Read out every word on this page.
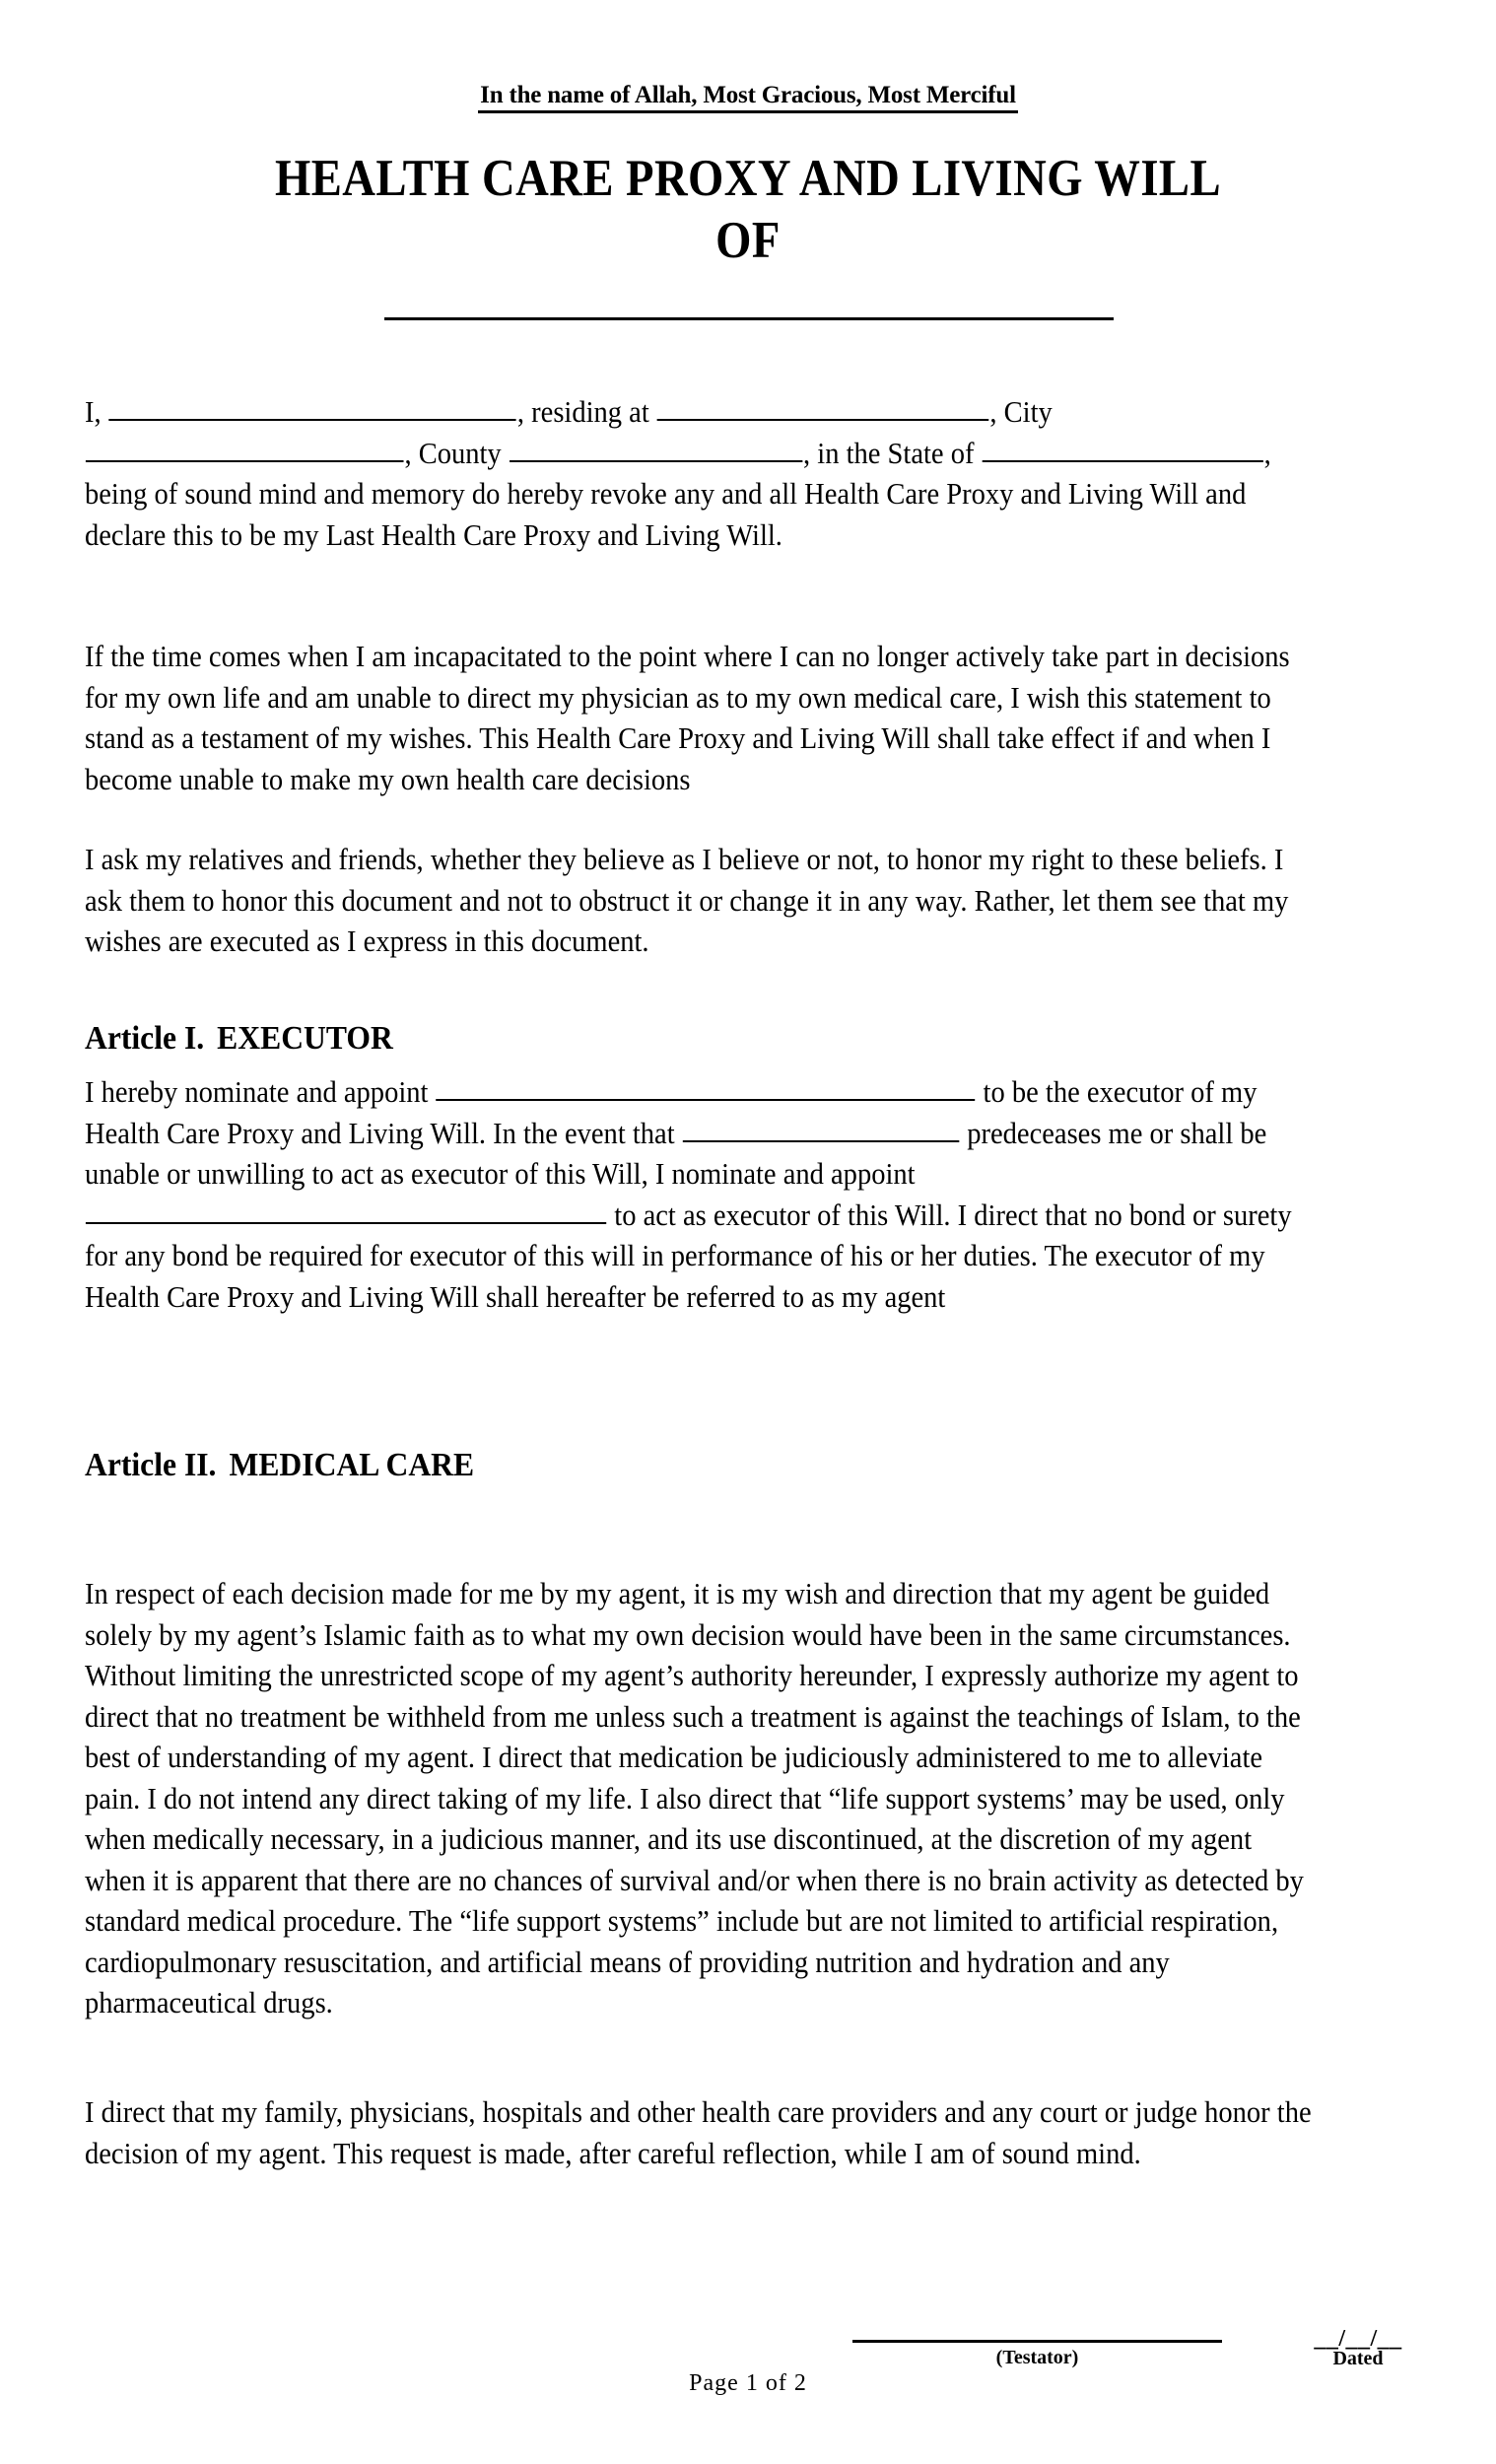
In the name of Allah, Most Gracious, Most Merciful
HEALTH CARE PROXY AND LIVING WILL
OF
I,	, residing at	, City , County	, in the State of	, being of sound mind and memory do hereby revoke any and all Health Care Proxy and Living Will and declare this to be my Last Health Care Proxy and Living Will.
If the time comes when I am incapacitated to the point where I can no longer actively take part in decisions for my own life and am unable to direct my physician as to my own medical care, I wish this statement to stand as a testament of my wishes. This Health Care Proxy and Living Will shall take effect if and when I become unable to make my own health care decisions
I ask my relatives and friends, whether they believe as I believe or not, to honor my right to these beliefs. I ask them to honor this document and not to obstruct it or change it in any way. Rather, let them see that my wishes are executed as I express in this document.
Article I. EXECUTOR
I hereby nominate and appoint	to be the executor of my Health Care Proxy and Living Will. In the event that	predeceases me or shall be unable or unwilling to act as executor of this Will, I nominate and appoint  to act as executor of this Will. I direct that no bond or surety for any bond be required for executor of this will in performance of his or her duties. The executor of my Health Care Proxy and Living Will shall hereafter be referred to as my agent
Article II. MEDICAL CARE
In respect of each decision made for me by my agent, it is my wish and direction that my agent be guided solely by my agent’s Islamic faith as to what my own decision would have been in the same circumstances. Without limiting the unrestricted scope of my agent’s authority hereunder, I expressly authorize my agent to direct that no treatment be withheld from me unless such a treatment is against the teachings of Islam, to the best of understanding of my agent. I direct that medication be judiciously administered to me to alleviate pain. I do not intend any direct taking of my life. I also direct that “life support systems’ may be used, only when medically necessary, in a judicious manner, and its use discontinued, at the discretion of my agent when it is apparent that there are no chances of survival and/or when there is no brain activity as detected by standard medical procedure. The “life support systems” include but are not limited to artificial respiration, cardiopulmonary resuscitation, and artificial means of providing nutrition and hydration and any pharmaceutical drugs.
I direct that my family, physicians, hospitals and other health care providers and any court or judge honor the decision of my agent. This request is made, after careful reflection, while I am of sound mind.
(Testator)
__/__/__
Dated
Page 1 of 2
